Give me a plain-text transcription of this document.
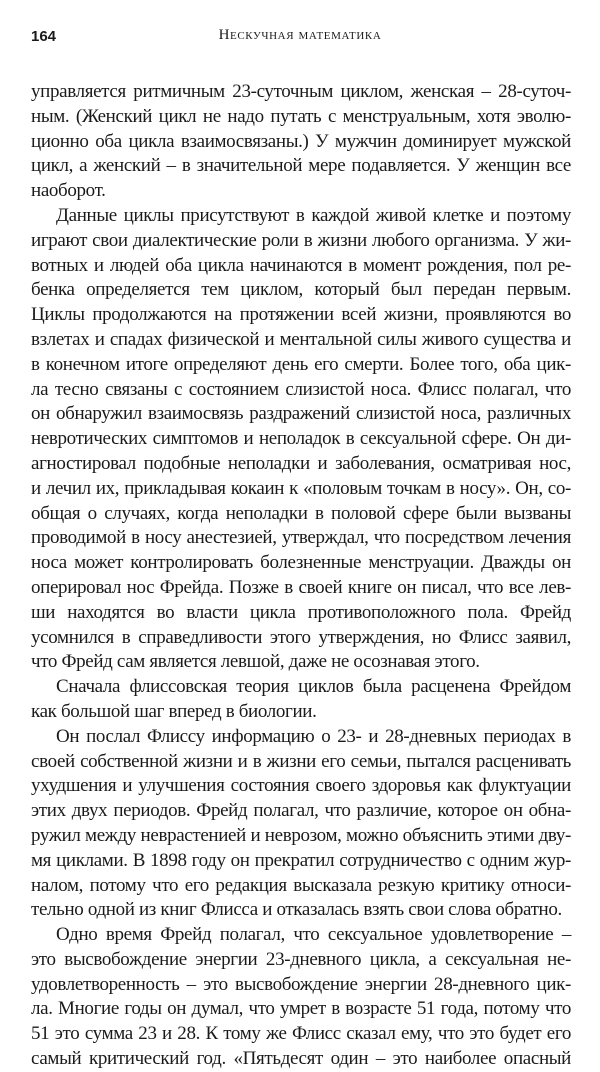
164	Нескучная математика
управляется ритмичным 23-суточным циклом, женская – 28-суточ-
ным. (Женский цикл не надо путать с менструальным, хотя эволю-
ционно оба цикла взаимосвязаны.) У мужчин доминирует мужской
цикл, а женский – в значительной мере подавляется. У женщин все
наоборот.
Данные циклы присутствуют в каждой живой клетке и поэтому
играют свои диалектические роли в жизни любого организма. У жи-
вотных и людей оба цикла начинаются в момент рождения, пол ре-
бенка определяется тем циклом, который был передан первым.
Циклы продолжаются на протяжении всей жизни, проявляются во
взлетах и спадах физической и ментальной силы живого существа и
в конечном итоге определяют день его смерти. Более того, оба цик-
ла тесно связаны с состоянием слизистой носа. Флисс полагал, что
он обнаружил взаимосвязь раздражений слизистой носа, различных
невротических симптомов и неполадок в сексуальной сфере. Он ди-
агностировал подобные неполадки и заболевания, осматривая нос,
и лечил их, прикладывая кокаин к «половым точкам в носу». Он, со-
общая о случаях, когда неполадки в половой сфере были вызваны
проводимой в носу анестезией, утверждал, что посредством лечения
носа может контролировать болезненные менструации. Дважды он
оперировал нос Фрейда. Позже в своей книге он писал, что все лев-
ши находятся во власти цикла противоположного пола. Фрейд
усомнился в справедливости этого утверждения, но Флисс заявил,
что Фрейд сам является левшой, даже не осознавая этого.
Сначала флиссовская теория циклов была расценена Фрейдом
как большой шаг вперед в биологии.
Он послал Флиссу информацию о 23- и 28-дневных периодах в
своей собственной жизни и в жизни его семьи, пытался расценивать
ухудшения и улучшения состояния своего здоровья как флуктуации
этих двух периодов. Фрейд полагал, что различие, которое он обна-
ружил между неврастенией и неврозом, можно объяснить этими дву-
мя циклами. В 1898 году он прекратил сотрудничество с одним жур-
налом, потому что его редакция высказала резкую критику относи-
тельно одной из книг Флисса и отказалась взять свои слова обратно.
Одно время Фрейд полагал, что сексуальное удовлетворение –
это высвобождение энергии 23-дневного цикла, а сексуальная не-
удовлетворенность – это высвобождение энергии 28-дневного цик-
ла. Многие годы он думал, что умрет в возрасте 51 года, потому что
51 это сумма 23 и 28. К тому же Флисс сказал ему, что это будет его
самый критический год. «Пятьдесят один – это наиболее опасный
